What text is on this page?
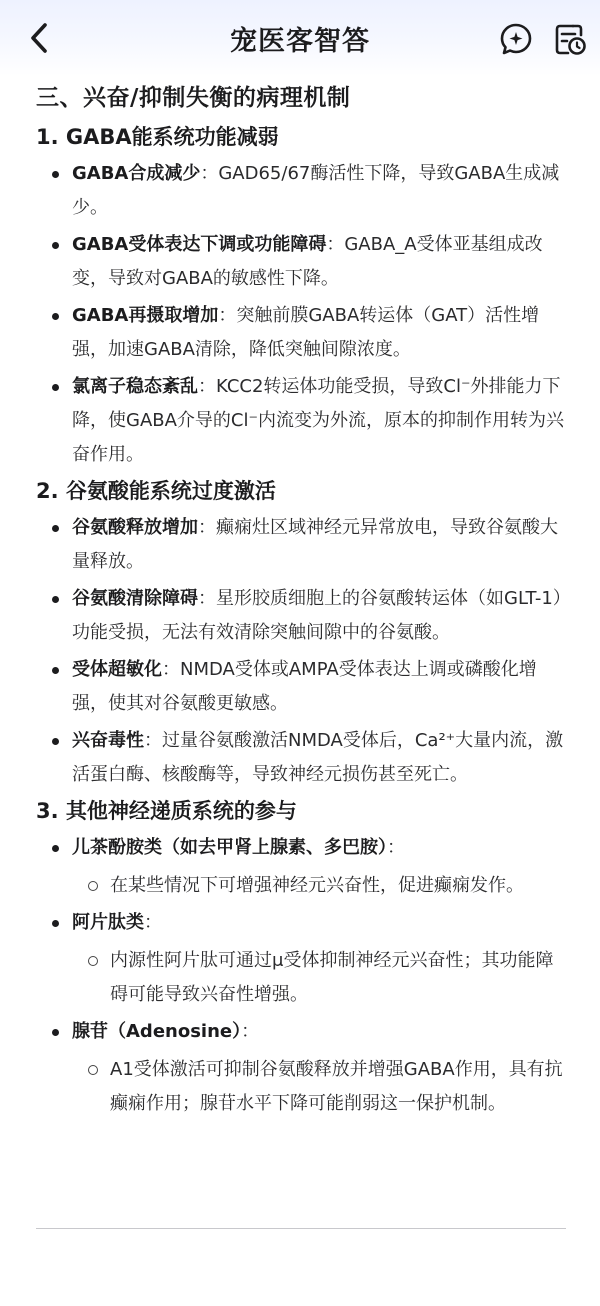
宠医客智答
三、兴奋/抑制失衡的病理机制
1. GABA能系统功能减弱
GABA合成减少：GAD65/67酶活性下降，导致GABA生成减少。
GABA受体表达下调或功能障碍：GABA_A受体亚基组成改变，导致对GABA的敏感性下降。
GABA再摄取增加：突触前膜GABA转运体（GAT）活性增强，加速GABA清除，降低突触间隙浓度。
氯离子稳态紊乱：KCC2转运体功能受损，导致Cl⁻外排能力下降，使GABA介导的Cl⁻内流变为外流，原本的抑制作用转为兴奋作用。
2. 谷氨酸能系统过度激活
谷氨酸释放增加：癫痫灶区域神经元异常放电，导致谷氨酸大量释放。
谷氨酸清除障碍：星形胶质细胞上的谷氨酸转运体（如GLT-1）功能受损，无法有效清除突触间隙中的谷氨酸。
受体超敏化：NMDA受体或AMPA受体表达上调或磷酸化增强，使其对谷氨酸更敏感。
兴奋毒性：过量谷氨酸激活NMDA受体后，Ca²⁺大量内流，激活蛋白酶、核酸酶等，导致神经元损伤甚至死亡。
3. 其他神经递质系统的参与
儿茶酚胺类（如去甲肾上腺素、多巴胺）：
在某些情况下可增强神经元兴奋性，促进癫痫发作。
阿片肽类：
内源性阿片肽可通过μ受体抑制神经元兴奋性；其功能障碍可能导致兴奋性增强。
腺苷（Adenosine）：
A1受体激活可抑制谷氨酸释放并增强GABA作用，具有抗癫痫作用；腺苷水平下降可能削弱这一保护机制。
